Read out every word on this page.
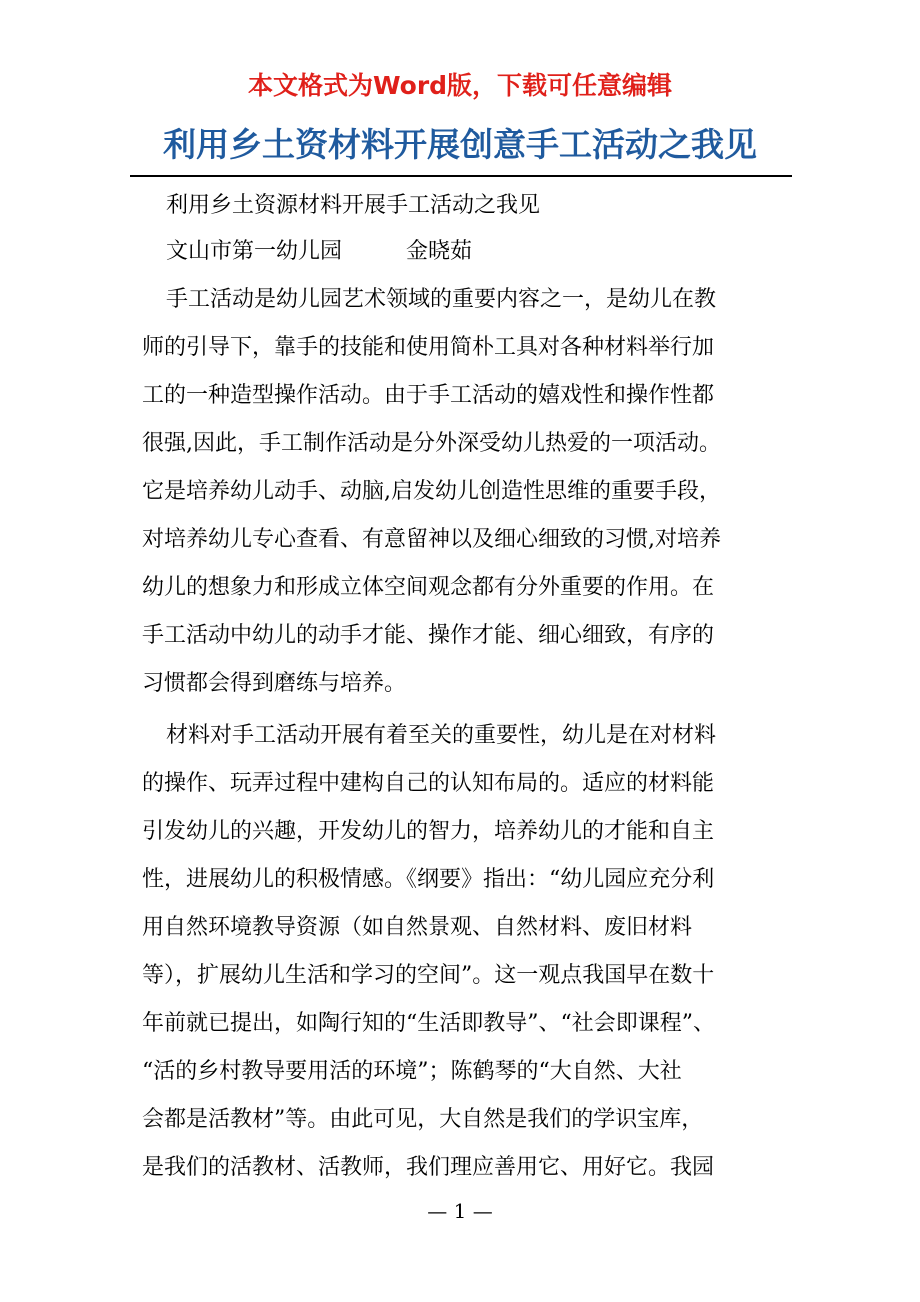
本文格式为Word版，下载可任意编辑
利用乡土资材料开展创意手工活动之我见
利用乡土资源材料开展手工活动之我见
文山市第一幼儿园	金晓茹
手工活动是幼儿园艺术领域的重要内容之一，是幼儿在教
师的引导下，靠手的技能和使用简朴工具对各种材料举行加
工的一种造型操作活动。由于手工活动的嬉戏性和操作性都
很强,因此，手工制作活动是分外深受幼儿热爱的一项活动。
它是培养幼儿动手、动脑,启发幼儿创造性思维的重要手段，
对培养幼儿专心查看、有意留神以及细心细致的习惯,对培养
幼儿的想象力和形成立体空间观念都有分外重要的作用。在
手工活动中幼儿的动手才能、操作才能、细心细致，有序的
习惯都会得到磨练与培养。
材料对手工活动开展有着至关的重要性，幼儿是在对材料
的操作、玩弄过程中建构自己的认知布局的。适应的材料能
引发幼儿的兴趣，开发幼儿的智力，培养幼儿的才能和自主
性，进展幼儿的积极情感。《纲要》指出：“幼儿园应充分利
用自然环境教导资源（如自然景观、自然材料、废旧材料
等），扩展幼儿生活和学习的空间”。这一观点我国早在数十
年前就已提出，如陶行知的“生活即教导”、“社会即课程”、
“活的乡村教导要用活的环境”；陈鹤琴的“大自然、大社
会都是活教材”等。由此可见，大自然是我们的学识宝库，
是我们的活教材、活教师，我们理应善用它、用好它。我园
— 1 —
